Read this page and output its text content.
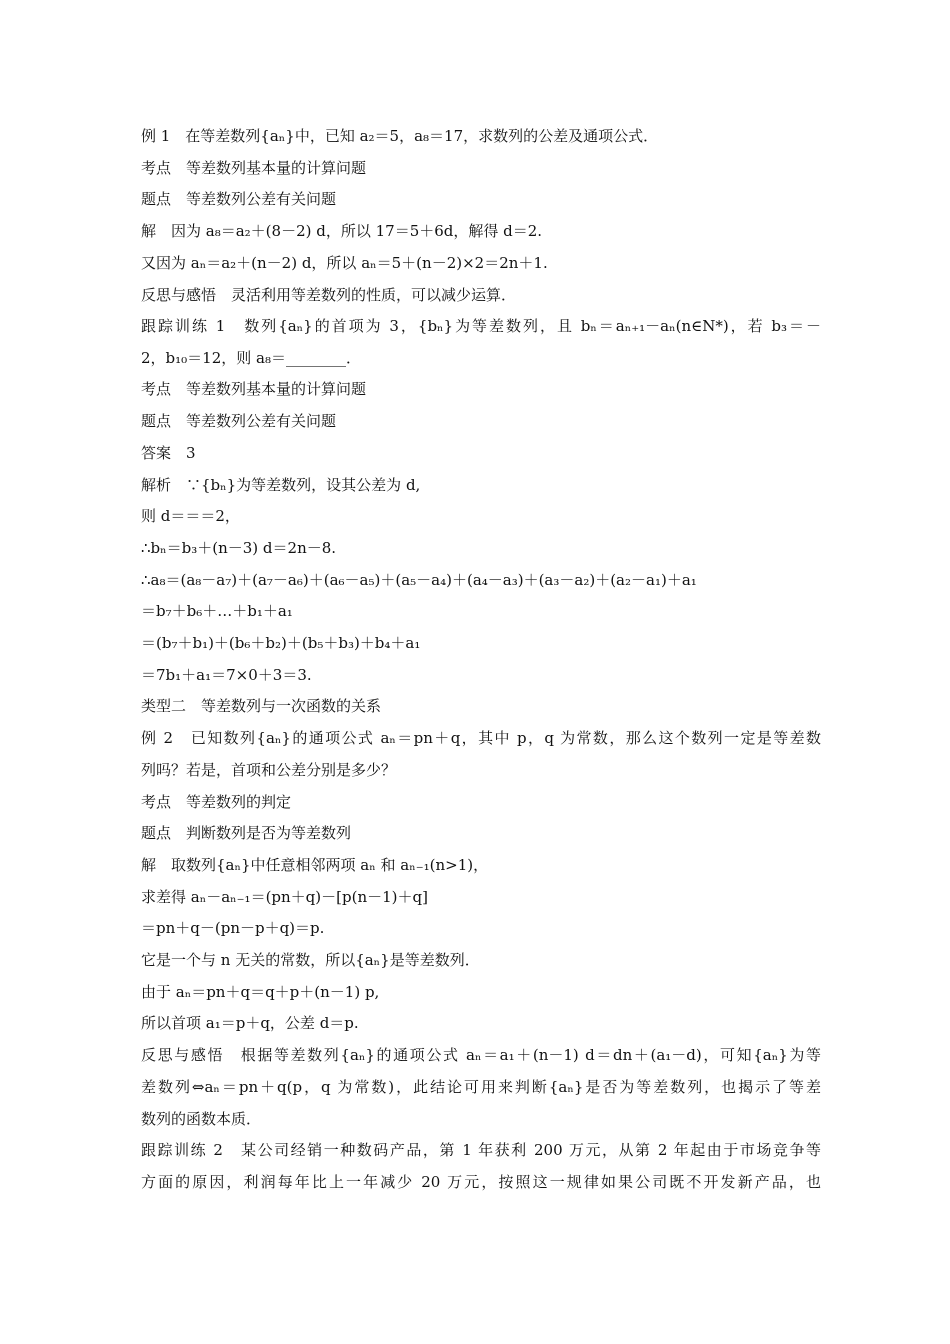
例 1　在等差数列{aₙ}中，已知 a₂＝5，a₈＝17，求数列的公差及通项公式．
考点　等差数列基本量的计算问题
题点　等差数列公差有关问题
解　因为 a₈＝a₂＋(8－2) d，所以 17＝5＋6d，解得 d＝2.
又因为 aₙ＝a₂＋(n－2) d，所以 aₙ＝5＋(n－2)×2＝2n＋1.
反思与感悟　灵活利用等差数列的性质，可以减少运算．
跟踪训练 1　数列{aₙ}的首项为 3，{bₙ}为等差数列，且 bₙ＝aₙ₊₁－aₙ(n∈N*)，若 b₃＝－
2，b₁₀＝12，则 a₈＝________．
考点　等差数列基本量的计算问题
题点　等差数列公差有关问题
答案　3
解析　∵{bₙ}为等差数列，设其公差为 d,
则 d＝＝＝2，
∴bₙ＝b₃＋(n－3) d＝2n－8.
∴a₈＝(a₈－a₇)＋(a₇－a₆)＋(a₆－a₅)＋(a₅－a₄)＋(a₄－a₃)＋(a₃－a₂)＋(a₂－a₁)＋a₁
＝b₇＋b₆＋…＋b₁＋a₁
＝(b₇＋b₁)＋(b₆＋b₂)＋(b₅＋b₃)＋b₄＋a₁
＝7b₁＋a₁＝7×0＋3＝3.
类型二　等差数列与一次函数的关系
例 2　已知数列{aₙ}的通项公式 aₙ＝pn＋q，其中 p，q 为常数，那么这个数列一定是等差数
列吗？若是，首项和公差分别是多少？
考点　等差数列的判定
题点　判断数列是否为等差数列
解　取数列{aₙ}中任意相邻两项 aₙ 和 aₙ₋₁(n>1)，
求差得 aₙ－aₙ₋₁＝(pn＋q)－[p(n－1)＋q]
＝pn＋q－(pn－p＋q)＝p.
它是一个与 n 无关的常数，所以{aₙ}是等差数列．
由于 aₙ＝pn＋q＝q＋p＋(n－1) p,
所以首项 a₁＝p＋q，公差 d＝p.
反思与感悟　根据等差数列{aₙ}的通项公式 aₙ＝a₁＋(n－1) d＝dn＋(a₁－d)，可知{aₙ}为等
差数列⇔aₙ＝pn＋q(p，q 为常数)，此结论可用来判断{aₙ}是否为等差数列，也揭示了等差
数列的函数本质．
跟踪训练 2　某公司经销一种数码产品，第 1 年获利 200 万元，从第 2 年起由于市场竞争等
方面的原因，利润每年比上一年减少 20 万元，按照这一规律如果公司既不开发新产品，也
